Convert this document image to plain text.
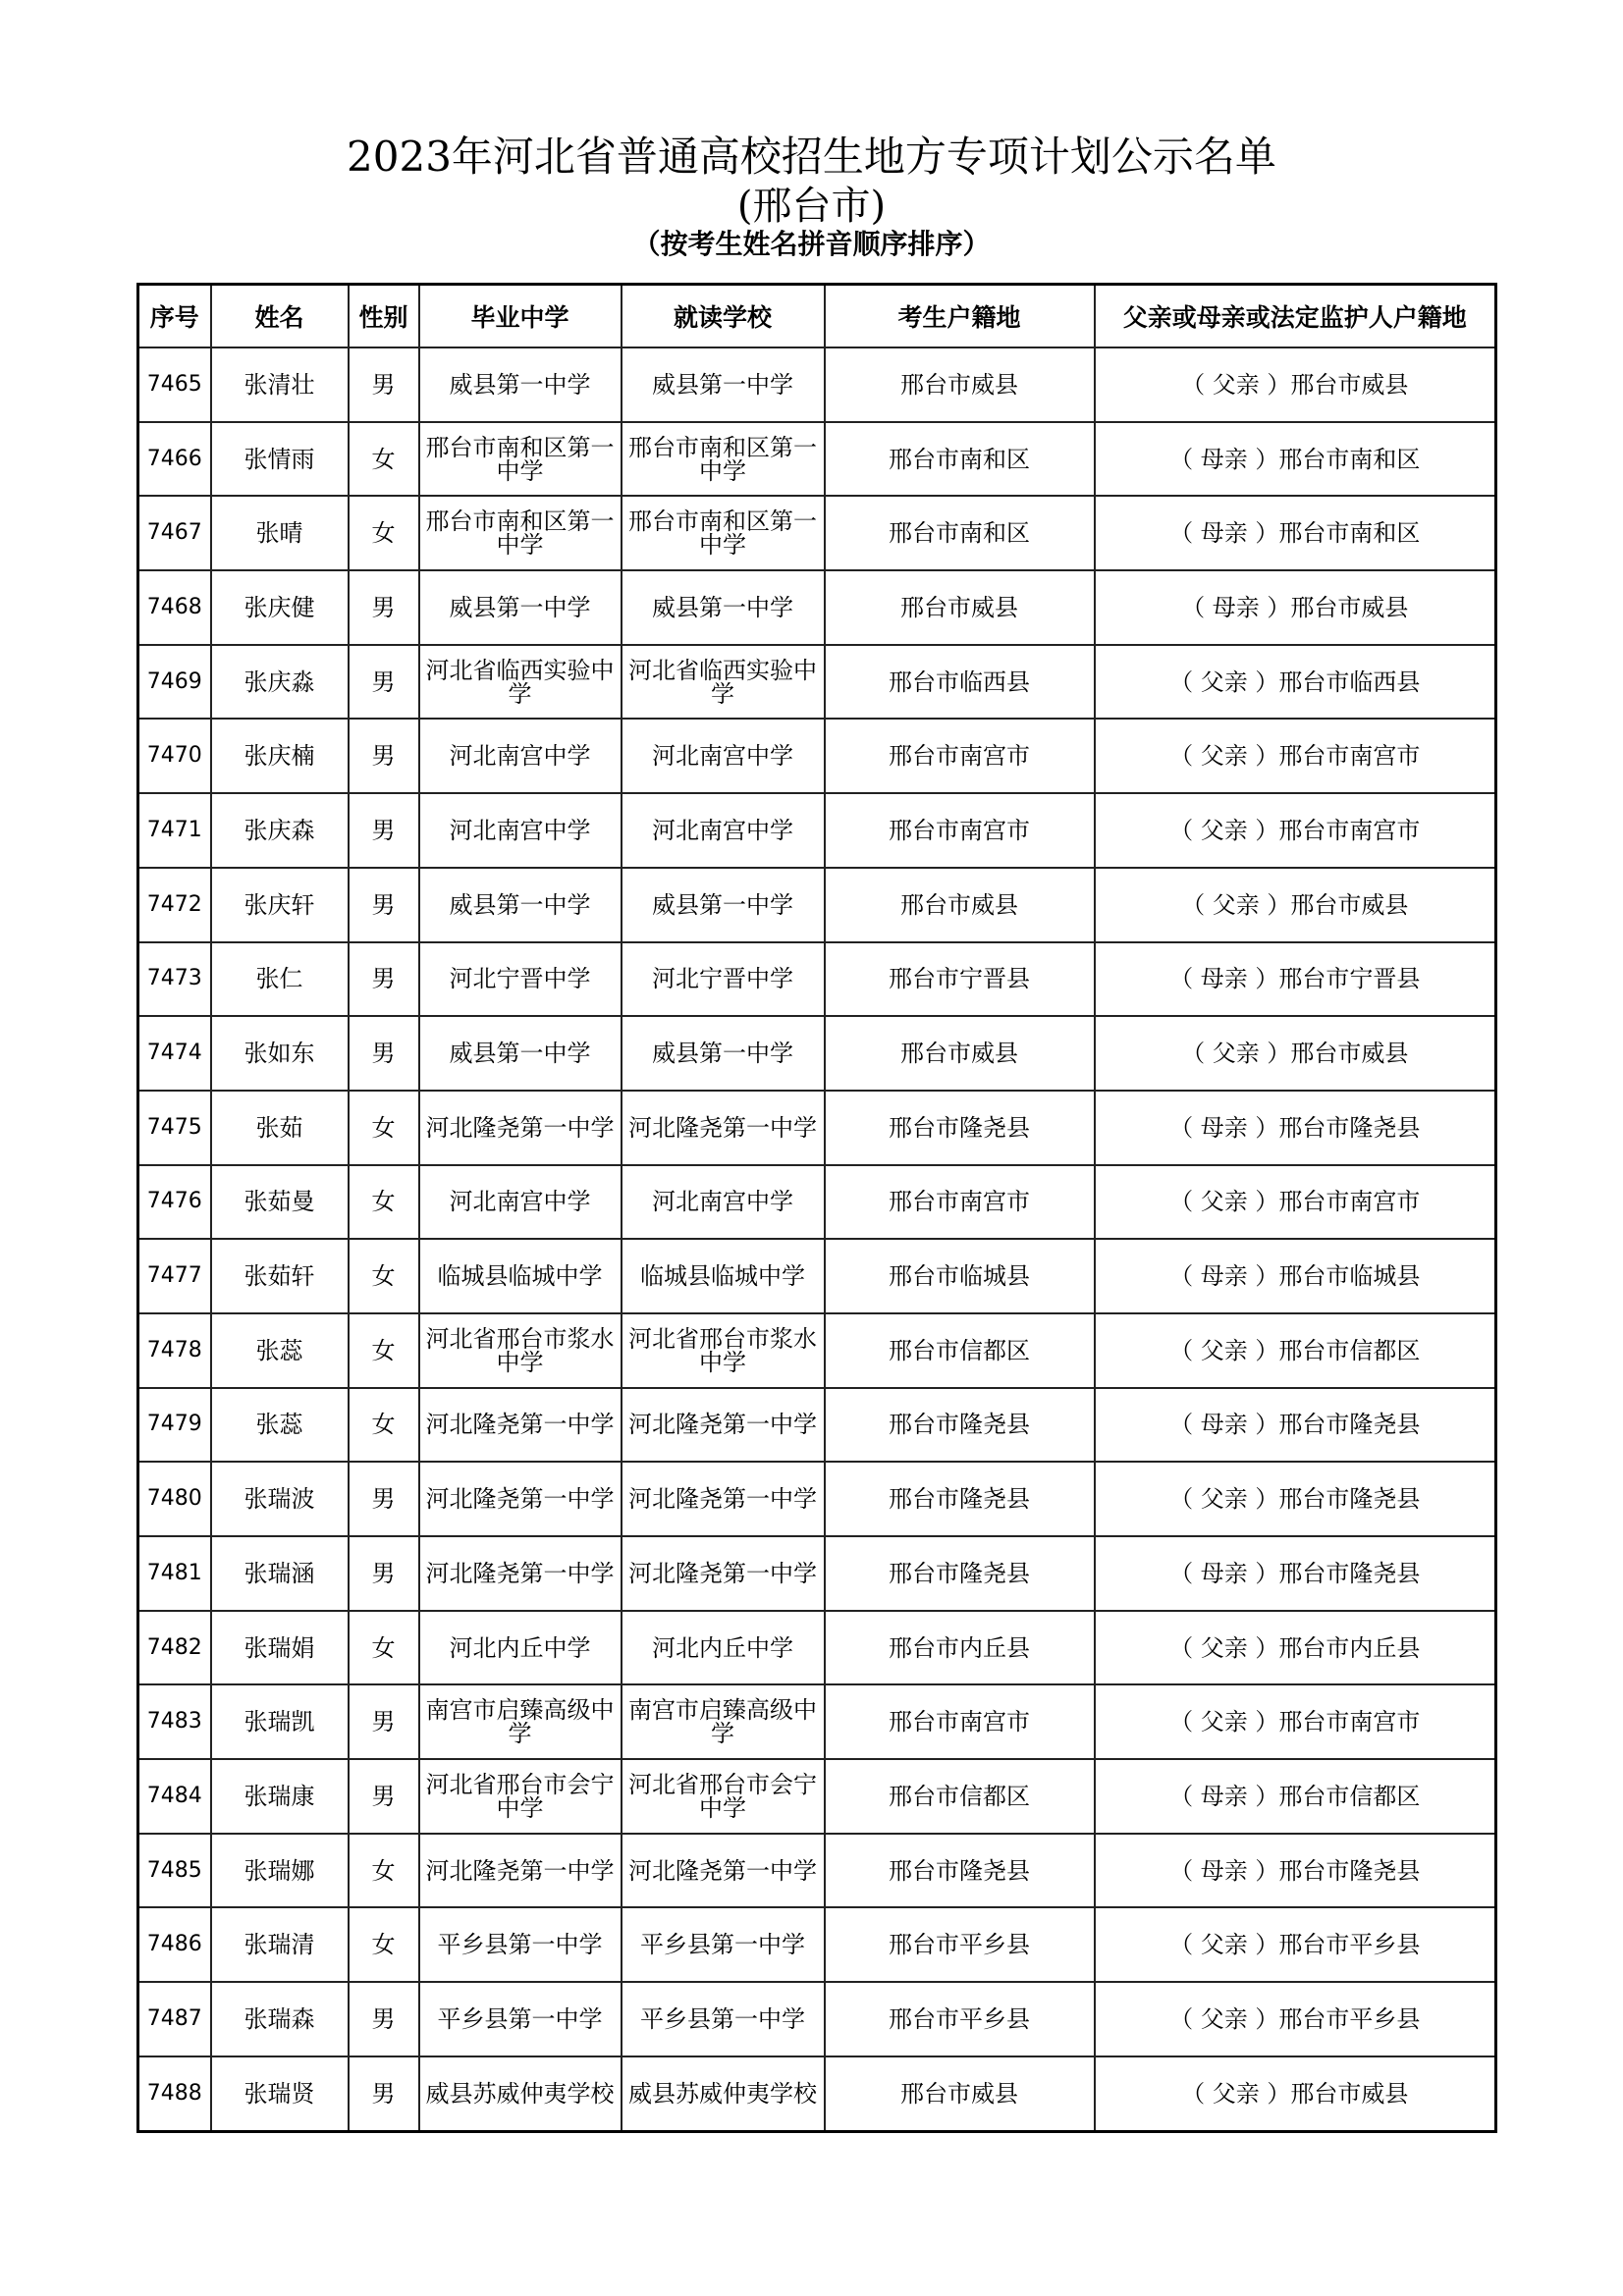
2023年河北省普通高校招生地方专项计划公示名单
(邢台市)
（按考生姓名拼音顺序排序）
序号	姓名	性别	毕业中学	就读学校	考生户籍地	父亲或母亲或法定监护人户籍地
7465	张清壮	男	威县第一中学	威县第一中学	邢台市威县	（ 父亲 ）邢台市威县
7466	张情雨	女	邢台市南和区第一中学	邢台市南和区第一中学	邢台市南和区	（ 母亲 ）邢台市南和区
7467	张晴	女	邢台市南和区第一中学	邢台市南和区第一中学	邢台市南和区	（ 母亲 ）邢台市南和区
7468	张庆健	男	威县第一中学	威县第一中学	邢台市威县	（ 母亲 ）邢台市威县
7469	张庆淼	男	河北省临西实验中学	河北省临西实验中学	邢台市临西县	（ 父亲 ）邢台市临西县
7470	张庆楠	男	河北南宫中学	河北南宫中学	邢台市南宫市	（ 父亲 ）邢台市南宫市
7471	张庆森	男	河北南宫中学	河北南宫中学	邢台市南宫市	（ 父亲 ）邢台市南宫市
7472	张庆轩	男	威县第一中学	威县第一中学	邢台市威县	（ 父亲 ）邢台市威县
7473	张仁	男	河北宁晋中学	河北宁晋中学	邢台市宁晋县	（ 母亲 ）邢台市宁晋县
7474	张如东	男	威县第一中学	威县第一中学	邢台市威县	（ 父亲 ）邢台市威县
7475	张茹	女	河北隆尧第一中学	河北隆尧第一中学	邢台市隆尧县	（ 母亲 ）邢台市隆尧县
7476	张茹曼	女	河北南宫中学	河北南宫中学	邢台市南宫市	（ 父亲 ）邢台市南宫市
7477	张茹轩	女	临城县临城中学	临城县临城中学	邢台市临城县	（ 母亲 ）邢台市临城县
7478	张蕊	女	河北省邢台市浆水中学	河北省邢台市浆水中学	邢台市信都区	（ 父亲 ）邢台市信都区
7479	张蕊	女	河北隆尧第一中学	河北隆尧第一中学	邢台市隆尧县	（ 母亲 ）邢台市隆尧县
7480	张瑞波	男	河北隆尧第一中学	河北隆尧第一中学	邢台市隆尧县	（ 父亲 ）邢台市隆尧县
7481	张瑞涵	男	河北隆尧第一中学	河北隆尧第一中学	邢台市隆尧县	（ 母亲 ）邢台市隆尧县
7482	张瑞娟	女	河北内丘中学	河北内丘中学	邢台市内丘县	（ 父亲 ）邢台市内丘县
7483	张瑞凯	男	南宫市启臻高级中学	南宫市启臻高级中学	邢台市南宫市	（ 父亲 ）邢台市南宫市
7484	张瑞康	男	河北省邢台市会宁中学	河北省邢台市会宁中学	邢台市信都区	（ 母亲 ）邢台市信都区
7485	张瑞娜	女	河北隆尧第一中学	河北隆尧第一中学	邢台市隆尧县	（ 母亲 ）邢台市隆尧县
7486	张瑞清	女	平乡县第一中学	平乡县第一中学	邢台市平乡县	（ 父亲 ）邢台市平乡县
7487	张瑞森	男	平乡县第一中学	平乡县第一中学	邢台市平乡县	（ 父亲 ）邢台市平乡县
7488	张瑞贤	男	威县苏威仲夷学校	威县苏威仲夷学校	邢台市威县	（ 父亲 ）邢台市威县
